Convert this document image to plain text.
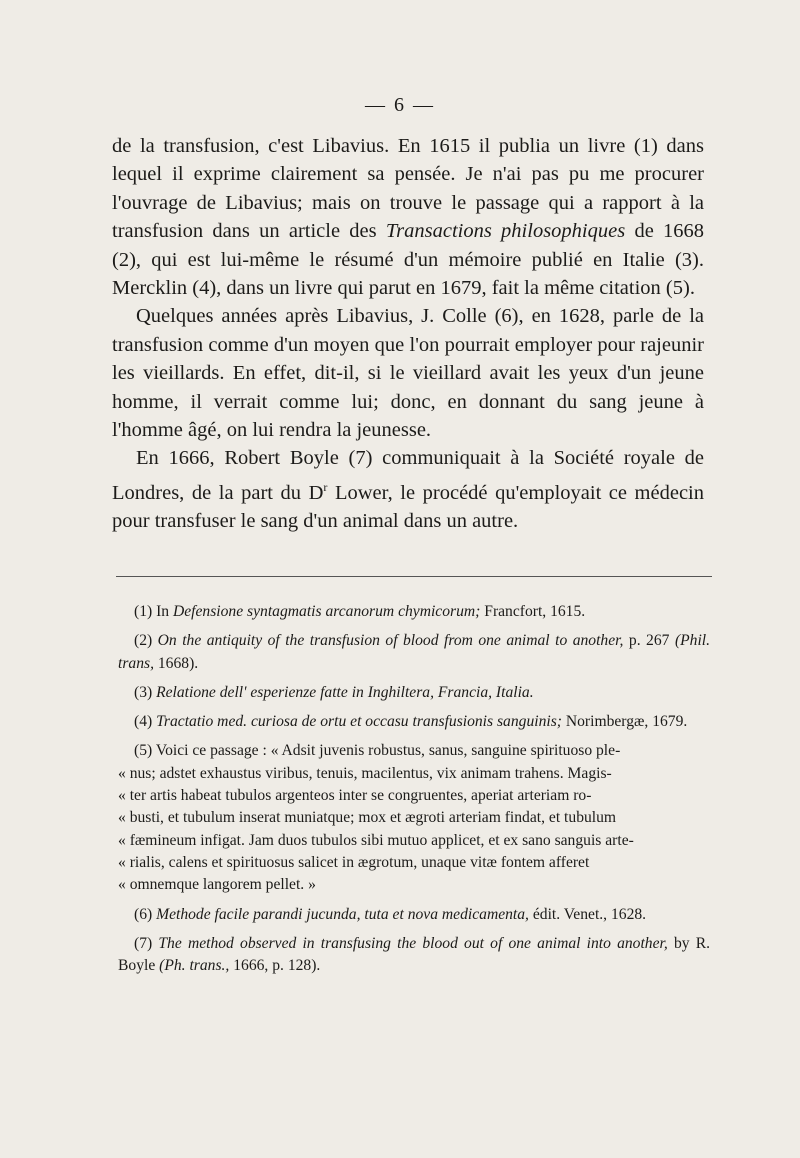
— 6 —

de la transfusion, c'est Libavius. En 1615 il publia un livre (1) dans lequel il exprime clairement sa pensée. Je n'ai pas pu me procurer l'ouvrage de Libavius; mais on trouve le passage qui a rapport à la transfusion dans un article des Transactions philosophiques de 1668 (2), qui est lui-même le résumé d'un mémoire publié en Italie (3). Mercklin (4), dans un livre qui parut en 1679, fait la même citation (5).

Quelques années après Libavius, J. Colle (6), en 1628, parle de la transfusion comme d'un moyen que l'on pourrait employer pour rajeunir les vieillards. En effet, dit-il, si le vieillard avait les yeux d'un jeune homme, il verrait comme lui; donc, en donnant du sang jeune à l'homme âgé, on lui rendra la jeunesse.

En 1666, Robert Boyle (7) communiquait à la Société royale de Londres, de la part du $D^r$ Lower, le procédé qu'employait ce médecin pour transfuser le sang d'un animal dans un autre.

(1) In Defensione syntagmatis arcanorum chymicorum; Francfort, 1615.

(2) On the antiquity of the transfusion of blood from one animal to another, p. 267 (Phil. trans, 1668).

(3) Relatione dell' esperienze fatte in Inghiltera, Francia, Italia.

(4) Tractatio med. curiosa de ortu et occasu transfusionis sanguinis; Norimbergæ, 1679.

(5) Voici ce passage : « Adsit juvenis robustus, sanus, sanguine spirituoso ple-

« nus; adstet exhaustus viribus, tenuis, macilentus, vix animam trahens. Magis-

« ter artis habeat tubulos argenteos inter se congruentes, aperiat arteriam ro-

« busti, et tubulum inserat muniatque; mox et ægroti arteriam findat, et tubulum

« fæmineum infigat. Jam duos tubulos sibi mutuo applicet, et ex sano sanguis arte-

« rialis, calens et spirituosus salicet in ægrotum, unaque vitæ fontem afferet

« omnemque langorem pellet. »

(6) Methode facile parandi jucunda, tuta et nova medicamenta, édit. Venet., 1628.

(7) The method observed in transfusing the blood out of one animal into another, by R. Boyle (Ph. trans., 1666, p. 128).
